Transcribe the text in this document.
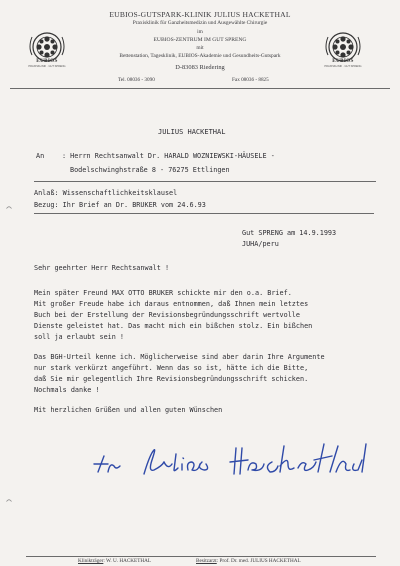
EUBIOS
PRAXISKLINIK · GUT SPRENG
EUBIOS
PRAXISKLINIK · GUT SPRENG
EUBIOS-GUTSPARK-KLINIK JULIUS HACKETHAL
Praxisklinik für Ganzheitsmedizin und Ausgewählte Chirurgie
im
EUBIOS-ZENTRUM IM GUT SPRENG
mit
Bettenstation, Tagesklinik, EUBIOS-Akademie und Gesundheits-Gutspark
D-83083 Riedering
Tel. 08036 - 3090	Fax 08036 - 8825
JULIUS HACKETHAL
An	: Herrn Rechtsanwalt Dr. HARALD WOZNIEWSKI-HÄUSELE -
Bodelschwinghstraße 8 - 76275 Ettlingen
Anlaß: Wissenschaftlichkeitsklausel
Bezug: Ihr Brief an Dr. BRUKER vom 24.6.93
Gut SPRENG am 14.9.1993
JUHA/peru
Sehr geehrter Herr Rechtsanwalt !
Mein später Freund MAX OTTO BRUKER schickte mir den o.a. Brief.
Mit großer Freude habe ich daraus entnommen, daß Ihnen mein letztes
Buch bei der Erstellung der Revisionsbegründungsschrift wertvolle
Dienste geleistet hat. Das macht mich ein bißchen stolz. Ein bißchen
soll ja erlaubt sein !
Das BGH-Urteil kenne ich. Möglicherweise sind aber darin Ihre Argumente
nur stark verkürzt angeführt. Wenn das so ist, hätte ich die Bitte,
daß Sie mir gelegentlich Ihre Revisionsbegründungsschrift schicken.
Nochmals danke !
Mit herzlichen Grüßen und allen guten Wünschen
Klinikträger: W. U. HACKETHAL	Besitzarzt: Prof. Dr. med. JULIUS HACKETHAL
